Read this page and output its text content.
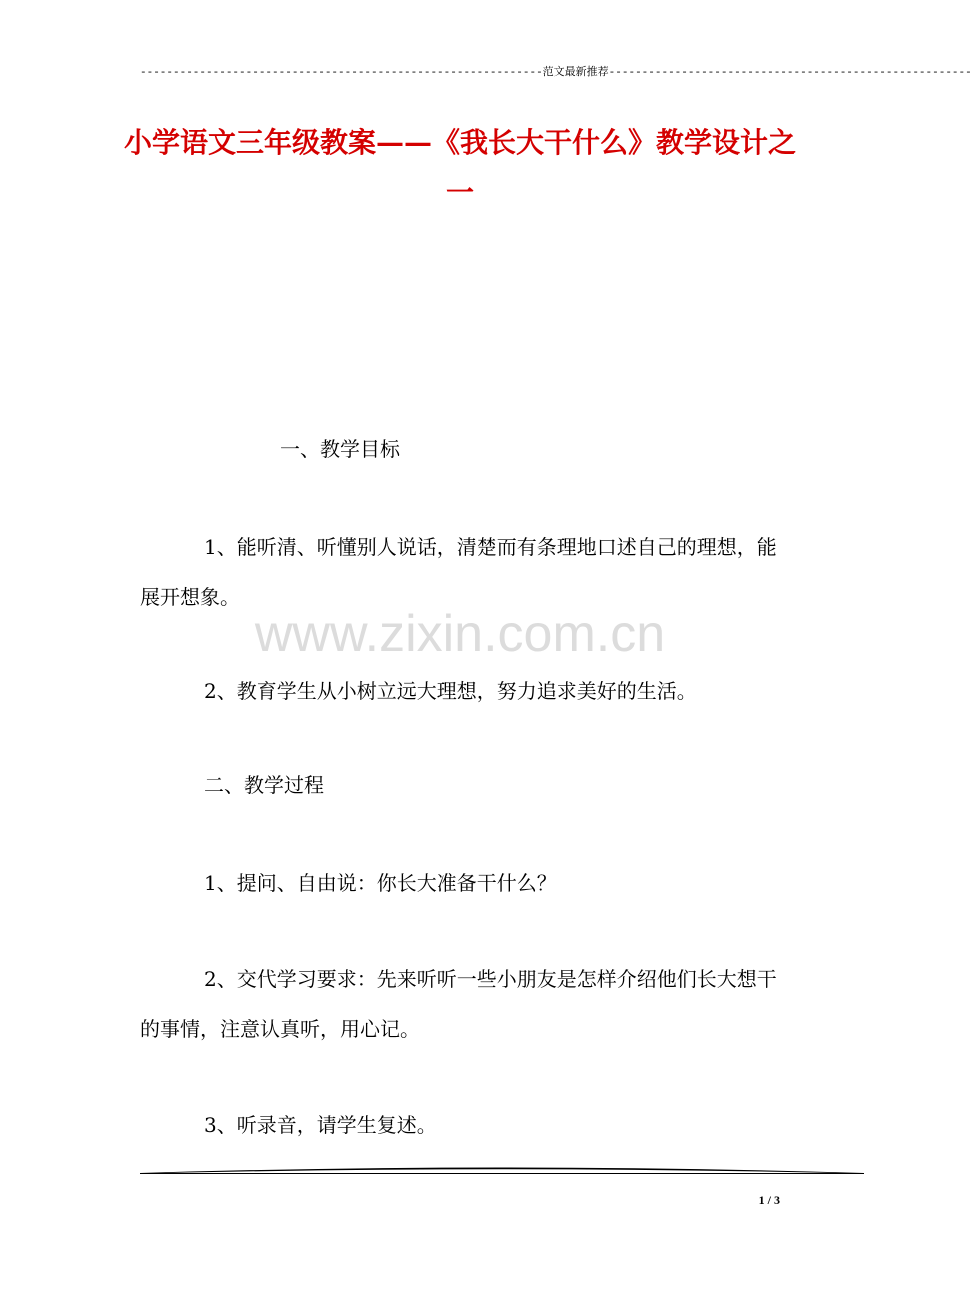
-------------------------------------------------------------范文最新推荐-------------------------------------------------------
小学语文三年级教案——《我长大干什么》教学设计之一
www.zixin.com.cn

一、教学目标

1、能听清、听懂别人说话，清楚而有条理地口述自己的理想，能展开想象。

2、教育学生从小树立远大理想，努力追求美好的生活。

二、教学过程

1、提问、自由说：你长大准备干什么？

2、交代学习要求：先来听听一些小朋友是怎样介绍他们长大想干的事情，注意认真听，用心记。

3、听录音，请学生复述。

1 / 3
